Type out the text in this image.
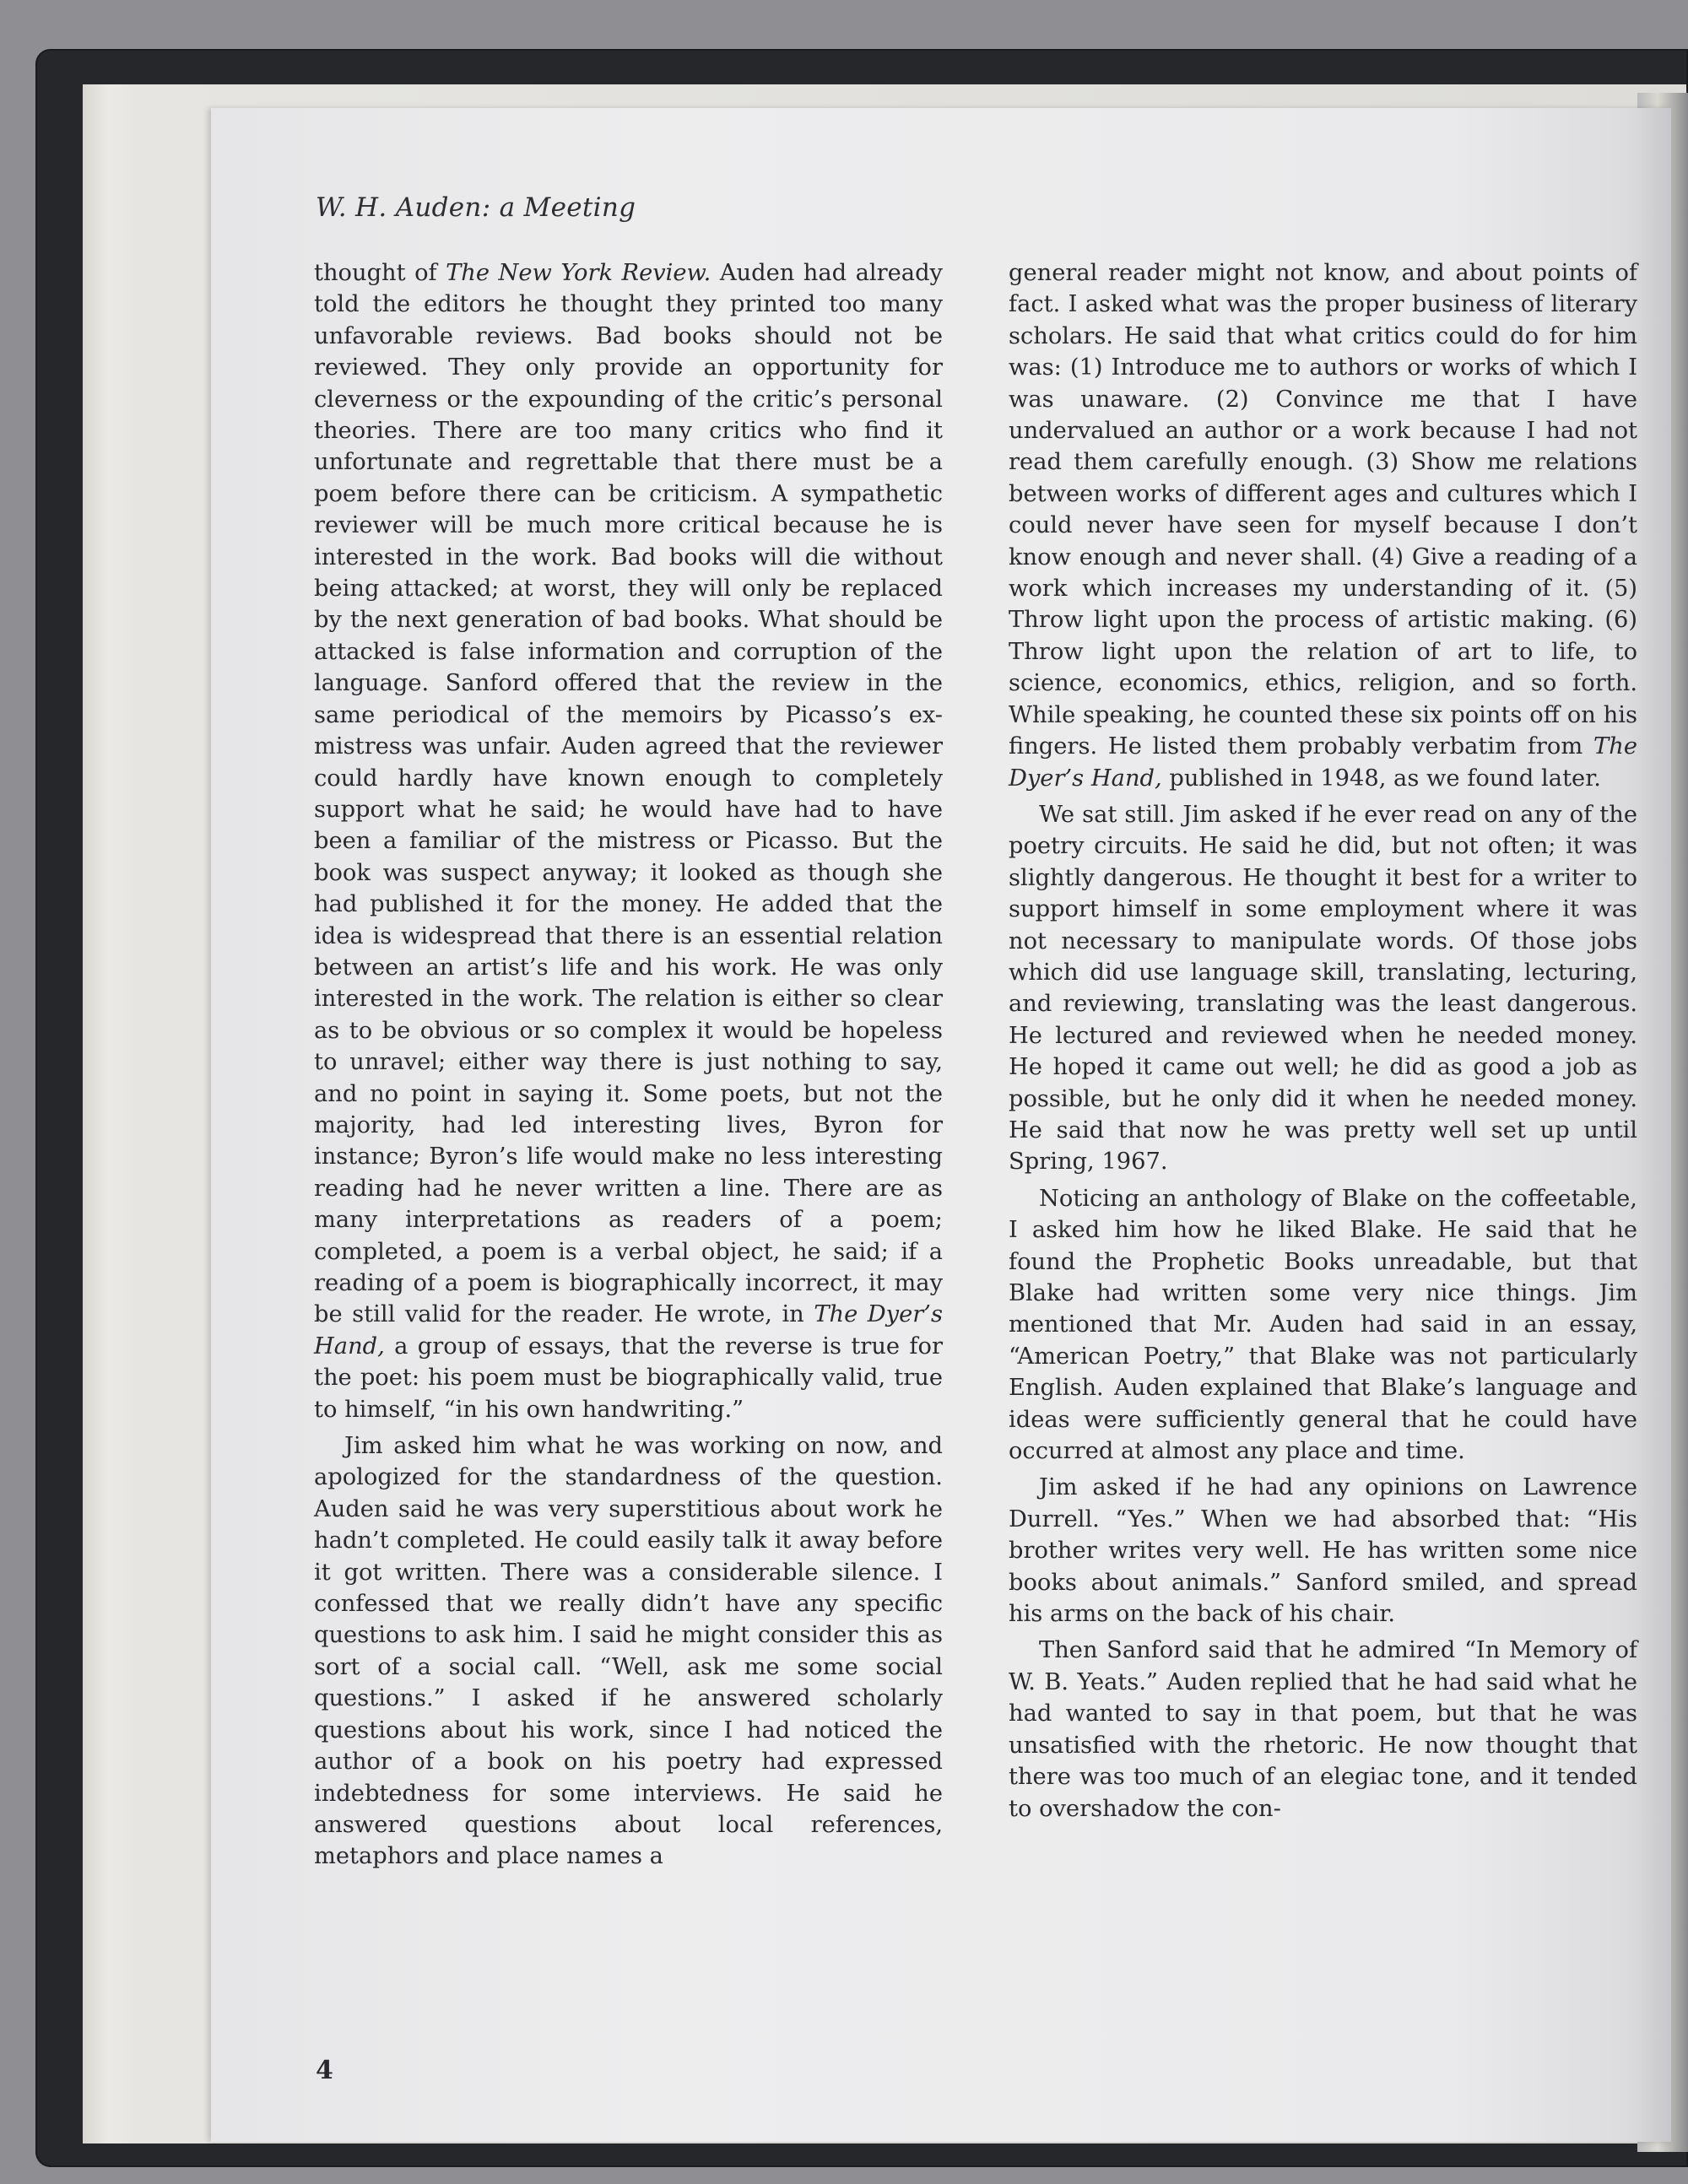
W. H. Auden: a Meeting

thought of The New York Review. Auden had already told the editors he thought they printed too many unfavorable reviews. Bad books should not be reviewed. They only provide an opportunity for cleverness or the expounding of the critic’s personal theories. There are too many critics who find it unfortunate and regrettable that there must be a poem before there can be criticism. A sympathetic reviewer will be much more critical because he is interested in the work. Bad books will die without being attacked; at worst, they will only be replaced by the next generation of bad books. What should be attacked is false information and corruption of the language. Sanford offered that the review in the same periodical of the memoirs by Picasso’s ex-mistress was unfair. Auden agreed that the reviewer could hardly have known enough to completely support what he said; he would have had to have been a familiar of the mistress or Picasso. But the book was suspect anyway; it looked as though she had published it for the money. He added that the idea is widespread that there is an essential relation between an artist’s life and his work. He was only interested in the work. The relation is either so clear as to be obvious or so complex it would be hopeless to unravel; either way there is just nothing to say, and no point in saying it. Some poets, but not the majority, had led interesting lives, Byron for instance; Byron’s life would make no less interesting reading had he never written a line. There are as many interpretations as readers of a poem; completed, a poem is a verbal object, he said; if a reading of a poem is biographically incorrect, it may be still valid for the reader. He wrote, in The Dyer’s Hand, a group of essays, that the reverse is true for the poet: his poem must be biographically valid, true to himself, “in his own handwriting.”

Jim asked him what he was working on now, and apologized for the standardness of the question. Auden said he was very superstitious about work he hadn’t completed. He could easily talk it away before it got written. There was a considerable silence. I confessed that we really didn’t have any specific questions to ask him. I said he might consider this as sort of a social call. “Well, ask me some social questions.” I asked if he answered scholarly questions about his work, since I had noticed the author of a book on his poetry had expressed indebtedness for some interviews. He said he answered questions about local references, metaphors and place names a

general reader might not know, and about points of fact. I asked what was the proper business of literary scholars. He said that what critics could do for him was: (1) Introduce me to authors or works of which I was unaware. (2) Convince me that I have undervalued an author or a work because I had not read them carefully enough. (3) Show me relations between works of different ages and cultures which I could never have seen for myself because I don’t know enough and never shall. (4) Give a reading of a work which increases my understanding of it. (5) Throw light upon the process of artistic making. (6) Throw light upon the relation of art to life, to science, economics, ethics, religion, and so forth. While speaking, he counted these six points off on his fingers. He listed them probably verbatim from The Dyer’s Hand, published in 1948, as we found later.

We sat still. Jim asked if he ever read on any of the poetry circuits. He said he did, but not often; it was slightly dangerous. He thought it best for a writer to support himself in some employment where it was not necessary to manipulate words. Of those jobs which did use language skill, translating, lecturing, and reviewing, translating was the least dangerous. He lectured and reviewed when he needed money. He hoped it came out well; he did as good a job as possible, but he only did it when he needed money. He said that now he was pretty well set up until Spring, 1967.

Noticing an anthology of Blake on the coffeetable, I asked him how he liked Blake. He said that he found the Prophetic Books unreadable, but that Blake had written some very nice things. Jim mentioned that Mr. Auden had said in an essay, “American Poetry,” that Blake was not particularly English. Auden explained that Blake’s language and ideas were sufficiently general that he could have occurred at almost any place and time.

Jim asked if he had any opinions on Lawrence Durrell. “Yes.” When we had absorbed that: “His brother writes very well. He has written some nice books about animals.” Sanford smiled, and spread his arms on the back of his chair.

Then Sanford said that he admired “In Memory of W. B. Yeats.” Auden replied that he had said what he had wanted to say in that poem, but that he was unsatisfied with the rhetoric. He now thought that there was too much of an elegiac tone, and it tended to overshadow the con-

4
